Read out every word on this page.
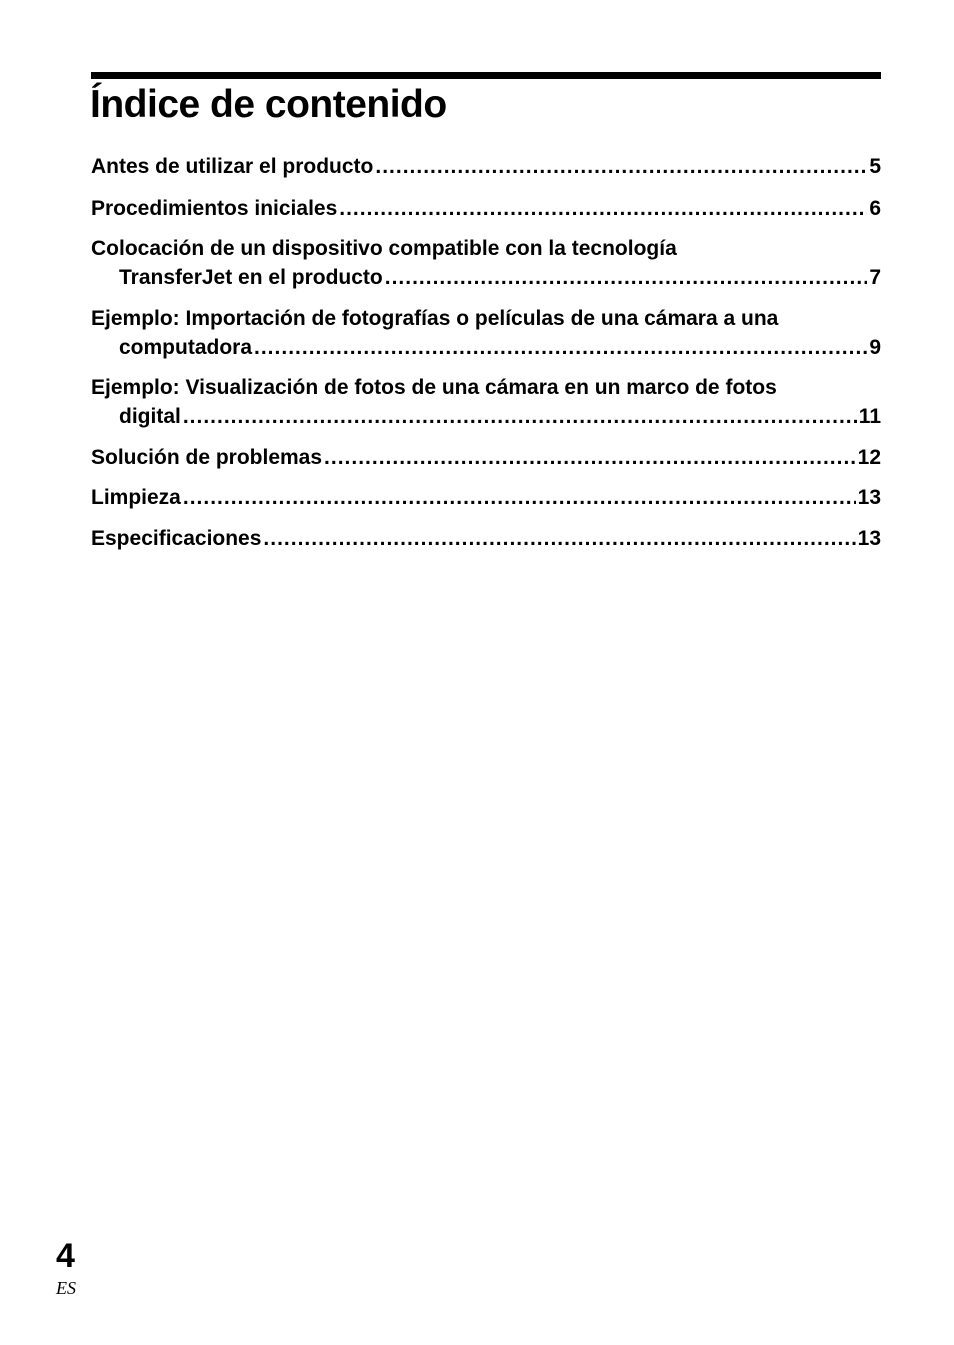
Índice de contenido
Antes de utilizar el producto .....	5
Procedimientos iniciales .....	6
Colocación de un dispositivo compatible con la tecnología
TransferJet en el producto .....	7
Ejemplo: Importación de fotografías o películas de una cámara a una
computadora .....	9
Ejemplo: Visualización de fotos de una cámara en un marco de fotos
digital .....	11
Solución de problemas .....	12
Limpieza .....	13
Especificaciones .....	13
4
ES
